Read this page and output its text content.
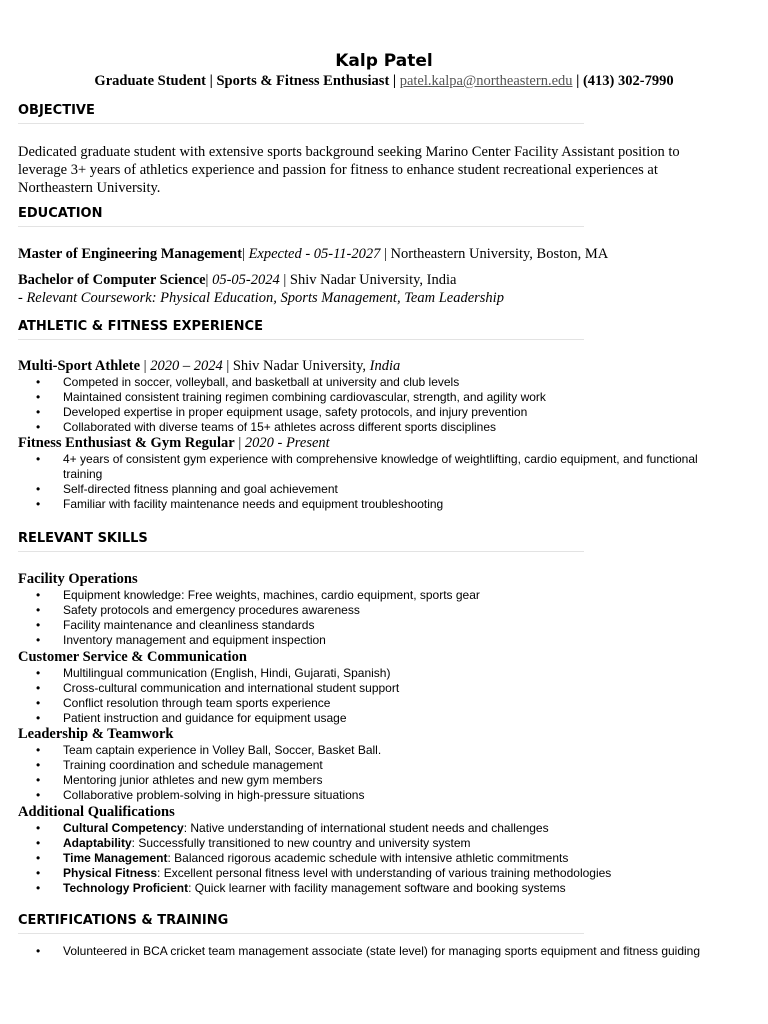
Kalp Patel
Graduate Student | Sports & Fitness Enthusiast | patel.kalpa@northeastern.edu | (413) 302-7990
OBJECTIVE
Dedicated graduate student with extensive sports background seeking Marino Center Facility Assistant position to leverage 3+ years of athletics experience and passion for fitness to enhance student recreational experiences at Northeastern University.
EDUCATION
Master of Engineering Management| Expected - 05-11-2027 | Northeastern University, Boston, MA
Bachelor of Computer Science| 05-05-2024 | Shiv Nadar University, India
- Relevant Coursework: Physical Education, Sports Management, Team Leadership
ATHLETIC & FITNESS EXPERIENCE
Multi-Sport Athlete | 2020 – 2024 | Shiv Nadar University, India
• Competed in soccer, volleyball, and basketball at university and club levels
• Maintained consistent training regimen combining cardiovascular, strength, and agility work
• Developed expertise in proper equipment usage, safety protocols, and injury prevention
• Collaborated with diverse teams of 15+ athletes across different sports disciplines
Fitness Enthusiast & Gym Regular | 2020 - Present
• 4+ years of consistent gym experience with comprehensive knowledge of weightlifting, cardio equipment, and functional training
• Self-directed fitness planning and goal achievement
• Familiar with facility maintenance needs and equipment troubleshooting
RELEVANT SKILLS
Facility Operations
• Equipment knowledge: Free weights, machines, cardio equipment, sports gear
• Safety protocols and emergency procedures awareness
• Facility maintenance and cleanliness standards
• Inventory management and equipment inspection
Customer Service & Communication
• Multilingual communication (English, Hindi, Gujarati, Spanish)
• Cross-cultural communication and international student support
• Conflict resolution through team sports experience
• Patient instruction and guidance for equipment usage
Leadership & Teamwork
• Team captain experience in Volley Ball, Soccer, Basket Ball.
• Training coordination and schedule management
• Mentoring junior athletes and new gym members
• Collaborative problem-solving in high-pressure situations
Additional Qualifications
• Cultural Competency: Native understanding of international student needs and challenges
• Adaptability: Successfully transitioned to new country and university system
• Time Management: Balanced rigorous academic schedule with intensive athletic commitments
• Physical Fitness: Excellent personal fitness level with understanding of various training methodologies
• Technology Proficient: Quick learner with facility management software and booking systems
CERTIFICATIONS & TRAINING
• Volunteered in BCA cricket team management associate (state level) for managing sports equipment and fitness guiding
